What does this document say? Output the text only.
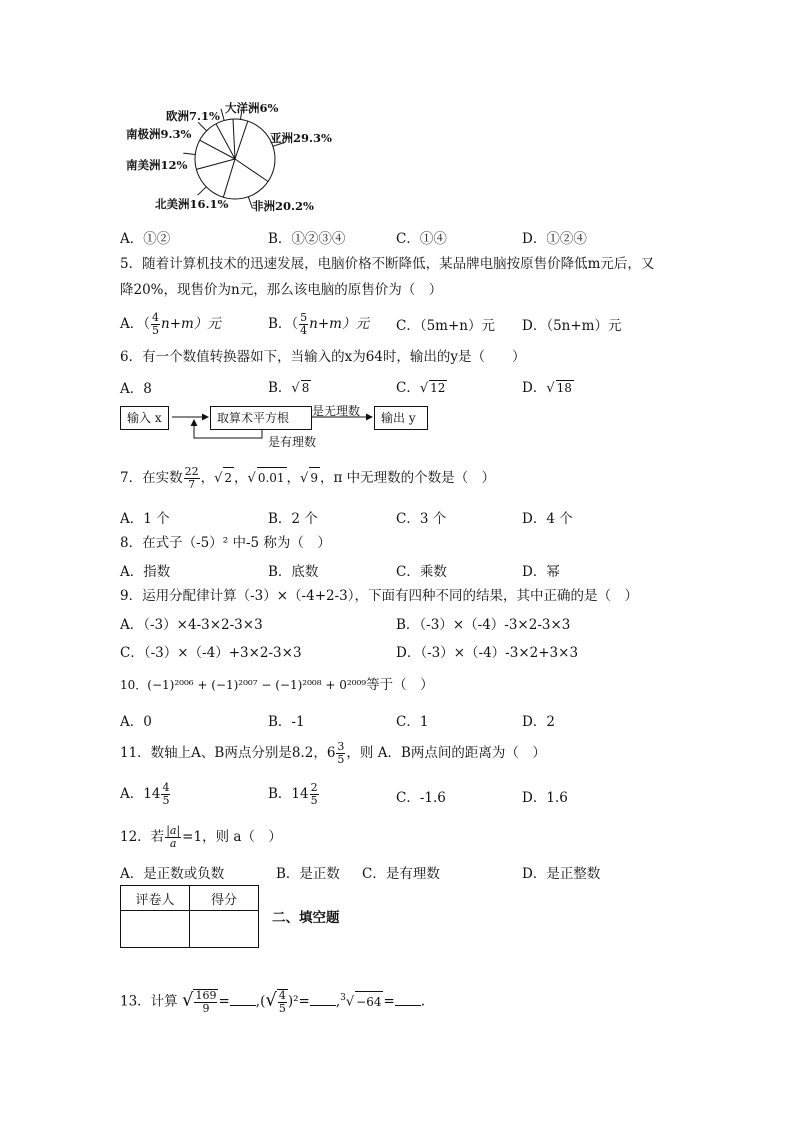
大洋洲6%
亚洲29.3%
非洲20.2%
北美洲16.1%
南美洲12%
南极洲9.3%
欧洲7.1%
A．①②	B．①②③④	C．①④	D．①②④
5．随着计算机技术的迅速发展，电脑价格不断降低，某品牌电脑按原售价降低m元后，又
降20%，现售价为n元，那么该电脑的原售价为（　）
A．（ $\frac{4}{5} n+m$）元	B．（ $\frac{5}{4} n+m$）元 C．（5m+n）元 D．（5n+m）元
6．有一个数值转换器如下，当输入的x为64时，输出的y是（　　）
A．8	B．√ 8	C．√ 12	D．√ 18
输入 x	取算术平方根	输出 y
是无理数
是有理数
7．在实数 $\frac{22}{7}$ ，√ 2 ，√ 0.01 ，√ 9 ，π 中无理数的个数是（　）
A．1 个	B．2 个	C．3 个	D．4 个
8．在式子（-5）² 中-5 称为（　）
A．指数	B．底数	C．乘数	D．幂
9．运用分配律计算（-3）×（-4+2-3），下面有四种不同的结果，其中正确的是（　）
A．（-3）×4-3×2-3×3	B．（-3）×（-4）-3×2-3×3
C．（-3）×（-4）+3×2-3×3	D．（-3）×（-4）-3×2+3×3
10．(−1)²⁰⁰⁶ + (−1)²⁰⁰⁷ − (−1)²⁰⁰⁸ + 0²⁰⁰⁹等于（　）
A．0	B．-1	C．1	D．2
11．数轴上A、B两点分别是8.2，$6 \frac{3}{5}$ ，则 A．B两点间的距离为（　）
A．$14 \frac{4}{5}$	B．$14 \frac{2}{5}$	C．-1.6	D．1.6
12．若 $\frac{|a|}{a} =1$，则 a（　）
A．是正数或负数	B．是正数 C．是有理数	D．是正整数
评卷人	得分

二、填空题
13．计算 √ $\frac{169}{9}$ = ,(√ $\frac{4}{5} )^2= ,^3√ -64$ = .
